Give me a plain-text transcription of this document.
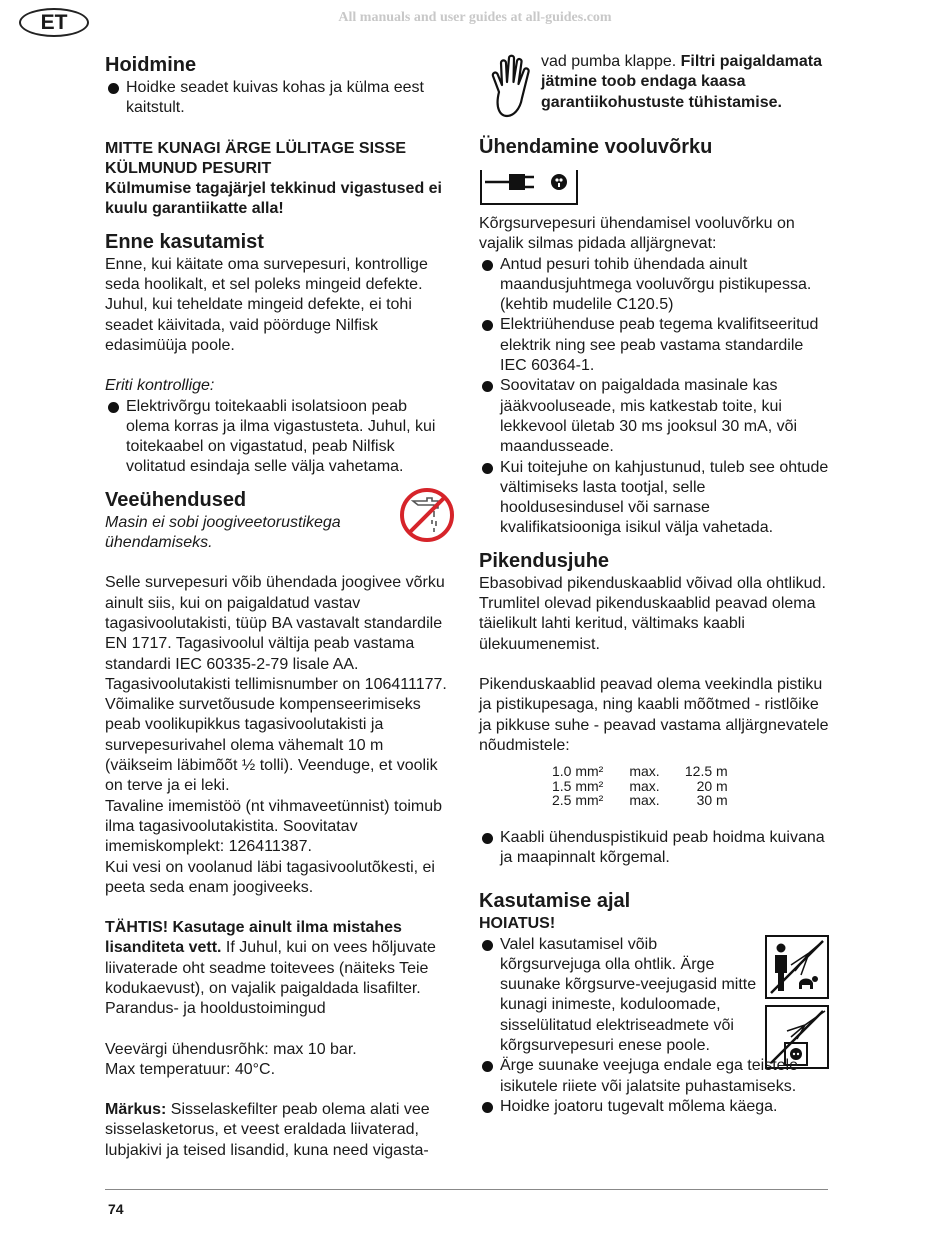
All manuals and user guides at all-guides.com
ET
Hoidmine
Hoidke seadet kuivas kohas ja külma eest kaitstult.

MITTE KUNAGI ÄRGE LÜLITAGE SISSE KÜLMUNUD PESURIT

Külmumise tagajärjel tekkinud vigastused ei kuulu garantiikatte alla!

Enne kasutamist

Enne, kui käitate oma survepesuri, kontrollige seda hoolikalt, et sel poleks mingeid defekte. Juhul, kui teheldate mingeid defekte, ei tohi seadet käivitada, vaid pöörduge Nilfisk edasimüüja poole.

Eriti kontrollige:

Elektrivõrgu toitekaabli isolatsioon peab olema korras ja ilma vigastusteta. Juhul, kui toitekaabel on vigastatud, peab Nilfisk volitatud esindaja selle välja vahetama.
Veeühendused

Masin ei sobi joogiveetorustikega ühendamiseks.

Selle survepesuri võib ühendada joogivee võrku ainult siis, kui on paigaldatud vastav tagasivoolutakisti, tüüp BA vastavalt standardile EN 1717. Tagasivoolul vältija peab vastama standardi IEC 60335-2-79 lisale AA. Tagasivoolutakisti tellimisnumber on 106411177. Võimalike survetõusude kompenseerimiseks peab voolikupikkus tagasivoolutakisti ja survepesurivahel olema vähemalt 10 m (väikseim läbimõõt ½ tolli). Veenduge, et voolik on terve ja ei leki.

Tavaline imemistöö (nt vihmaveetünnist) toimub ilma tagasivoolutakistita. Soovitatav imemiskomplekt: 126411387.

Kui vesi on voolanud läbi tagasivoolutõkesti, ei peeta seda enam joogiveeks.

TÄHTIS! Kasutage ainult ilma mistahes lisanditeta vett. If Juhul, kui on vees hõljuvate liivaterade oht seadme toitevees (näiteks Teie kodukaevust), on vajalik paigaldada lisafilter. Parandus- ja hooldustoimingud

Veevärgi ühendusrõhk: max 10 bar.

Max temperatuur: 40°C.

Märkus: Sisselaskefilter peab olema alati vee sisselasketorus, et veest eraldada liivaterad, lubjakivi ja teised lisandid, kuna need vigasta-

vad pumba klappe. Filtri paigaldamata jätmine toob endaga kaasa garantiikohustuste tühistamise.

Ühendamine vooluvõrku

Kõrgsurvepesuri ühendamisel vooluvõrku on vajalik silmas pidada alljärgnevat:

Antud pesuri tohib ühendada ainult maandusjuhtmega vooluvõrgu pistikupessa. (kehtib mudelile C120.5)
Elektriühenduse peab tegema kvalifitseeritud elektrik ning see peab vastama standardile IEC 60364-1.
Soovitatav on paigaldada masinale kas jääkvooluseade, mis katkestab toite, kui lekkevool ületab 30 ms jooksul 30 mA, või maandusseade.
Kui toitejuhe on kahjustunud, tuleb see ohtude vältimiseks lasta tootjal, selle hooldusesindusel või sarnase kvalifikatsiooniga isikul välja vahetada.
Pikendusjuhe

Ebasobivad pikenduskaablid võivad olla ohtlikud. Trumlitel olevad pikenduskaablid peavad olema täielikult lahti keritud, vältimaks kaabli ülekuumenemist.

Pikenduskaablid peavad olema veekindla pistiku ja pistikupesaga, ning kaabli mõõtmed - ristlõike ja pikkuse suhe - peavad vastama alljärgnevatele nõudmistele:

1.0 mm²	max.	12.5 m
1.5 mm²	max.	20 m
2.5 mm²	max.	30 m
Kaabli ühenduspistikuid peab hoidma kuivana ja maapinnalt kõrgemal.
Kasutamise ajal

HOIATUS!

Valel kasutamisel võib kõrgsurvejuga olla ohtlik. Ärge suunake kõrgsurve-veejugasid mitte kunagi inimeste, koduloomade, sisselülitatud elektriseadmete või kõrgsurvepesuri enese poole.
Ärge suunake veejuga endale ega teistele isikutele riiete või jalatsite puhastamiseks.
Hoidke joatoru tugevalt mõlema käega.
74
